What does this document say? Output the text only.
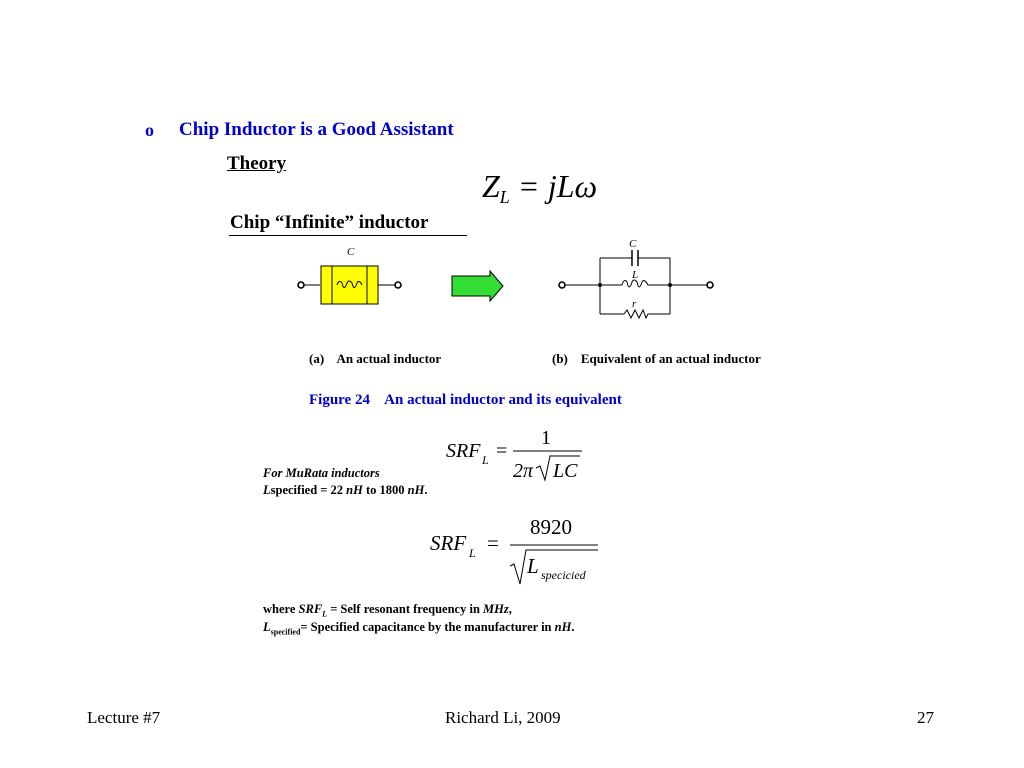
o Chip Inductor is a Good Assistant
Theory
$Z_L = jL\omega$
Chip “Infinite” inductor
C
C
L
r
(a)    An actual inductor	(b)    Equivalent of an actual inductor
Figure 24    An actual inductor and its equivalent
SRF L =
1
2π LC
For MuRata inductors
Lspecified = 22 nH to 1800 nH.
SRF L =
8920
L specicied
where $SRF_L$ = Self resonant frequency in MHz,
$L_{specified}=$ Specified capacitance by the manufacturer in nH.
Lecture #7	Richard Li, 2009	27
